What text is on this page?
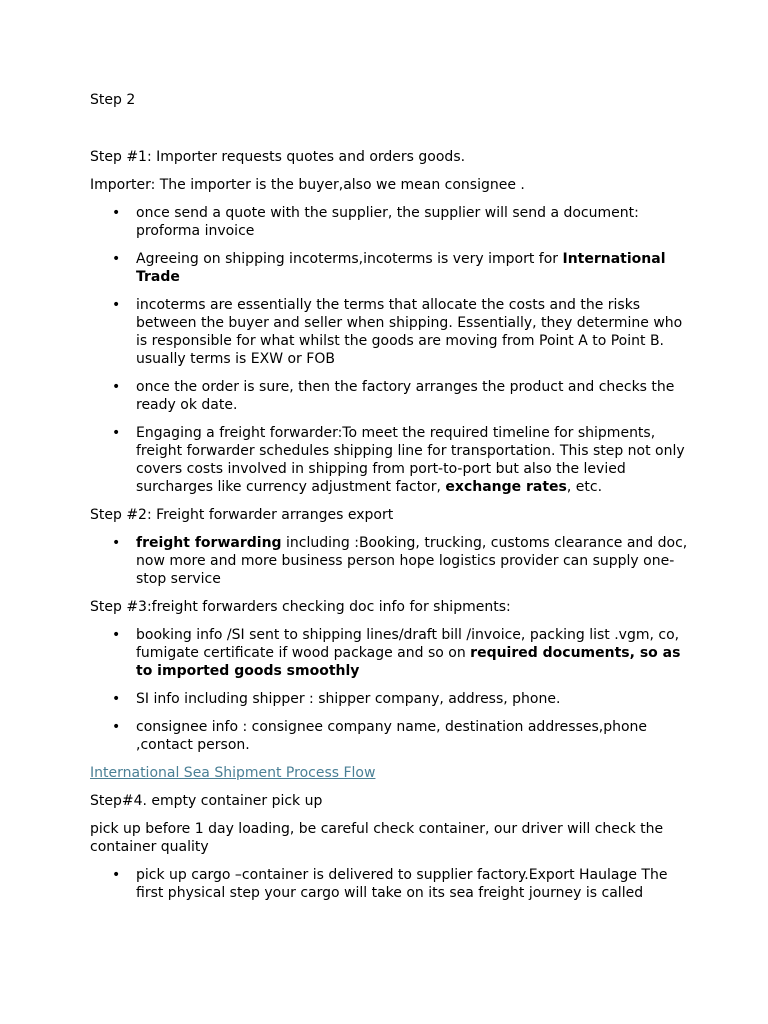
Step 2

Step #1: Importer requests quotes and orders goods.

Importer: The importer is the buyer,also we mean consignee .

• once send a quote with the supplier, the supplier will send a document: proforma invoice
• Agreeing on shipping incoterms,incoterms is very import for International Trade
• incoterms are essentially the terms that allocate the costs and the risks between the buyer and seller when shipping. Essentially, they determine who is responsible for what whilst the goods are moving from Point A to Point B. usually terms is EXW or FOB
• once the order is sure, then the factory arranges the product and checks the ready ok date.
• Engaging a freight forwarder:To meet the required timeline for shipments, freight forwarder schedules shipping line for transportation. This step not only covers costs involved in shipping from port-to-port but also the levied surcharges like currency adjustment factor, exchange rates, etc.

Step #2: Freight forwarder arranges export

• freight forwarding including :Booking, trucking, customs clearance and doc, now more and more business person hope logistics provider can supply one-stop service

Step #3:freight forwarders checking doc info for shipments:

• booking info /SI sent to shipping lines/draft bill /invoice, packing list .vgm, co, fumigate certificate if wood package and so on required documents, so as to imported goods smoothly
• SI info including shipper : shipper company, address, phone.
• consignee info : consignee company name, destination addresses,phone ,contact person.

International Sea Shipment Process Flow

Step#4. empty container pick up

pick up before 1 day loading, be careful check container, our driver will check the container quality

• pick up cargo –container is delivered to supplier factory.Export Haulage The first physical step your cargo will take on its sea freight journey is called
